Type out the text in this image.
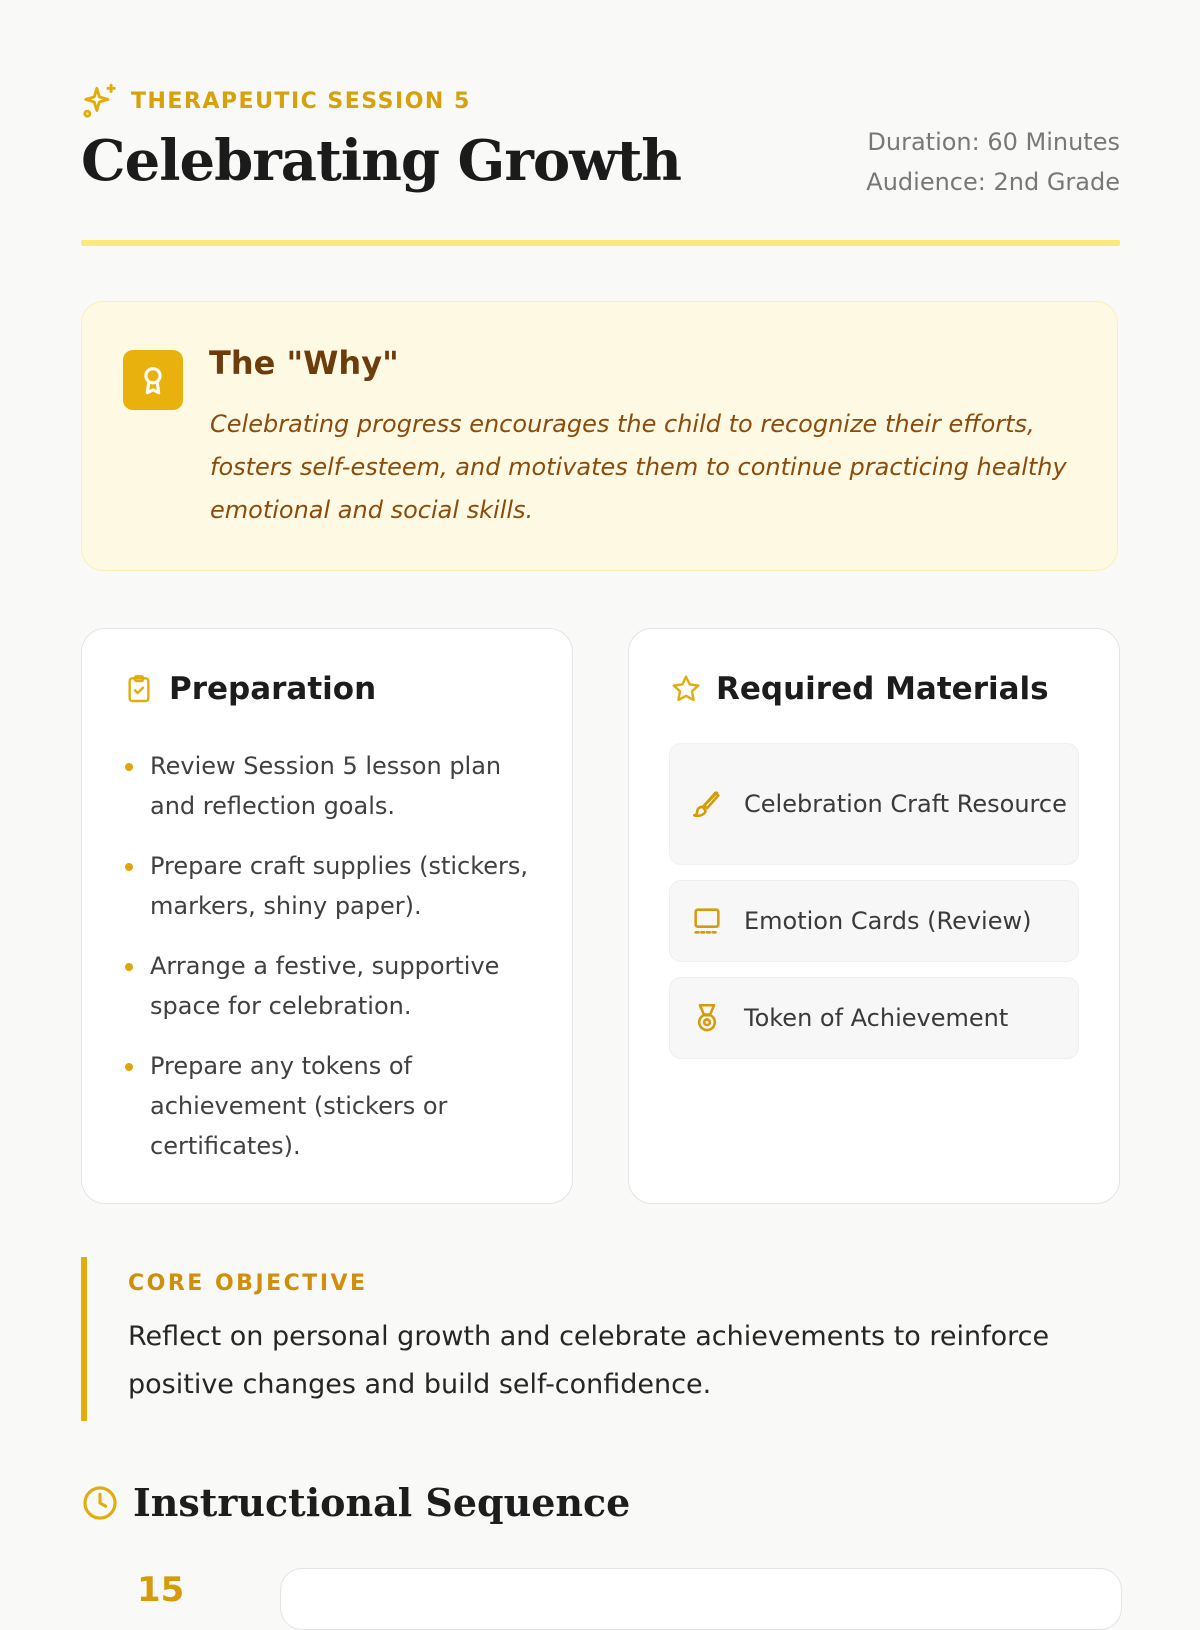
THERAPEUTIC SESSION 5
Celebrating Growth	Duration: 60 Minutes
Audience: 2nd Grade
The "Why"

Celebrating progress encourages the child to recognize their efforts, fosters self-esteem, and motivates them to continue practicing healthy emotional and social skills.

Preparation
Review Session 5 lesson plan and reflection goals.
Prepare craft supplies (stickers, markers, shiny paper).
Arrange a festive, supportive space for celebration.
Prepare any tokens of achievement (stickers or certificates).
Required Materials
Celebration Craft Resource
Emotion Cards (Review)
Token of Achievement
CORE OBJECTIVE

Reflect on personal growth and celebrate achievements to reinforce positive changes and build self-confidence.

Instructional Sequence
15
